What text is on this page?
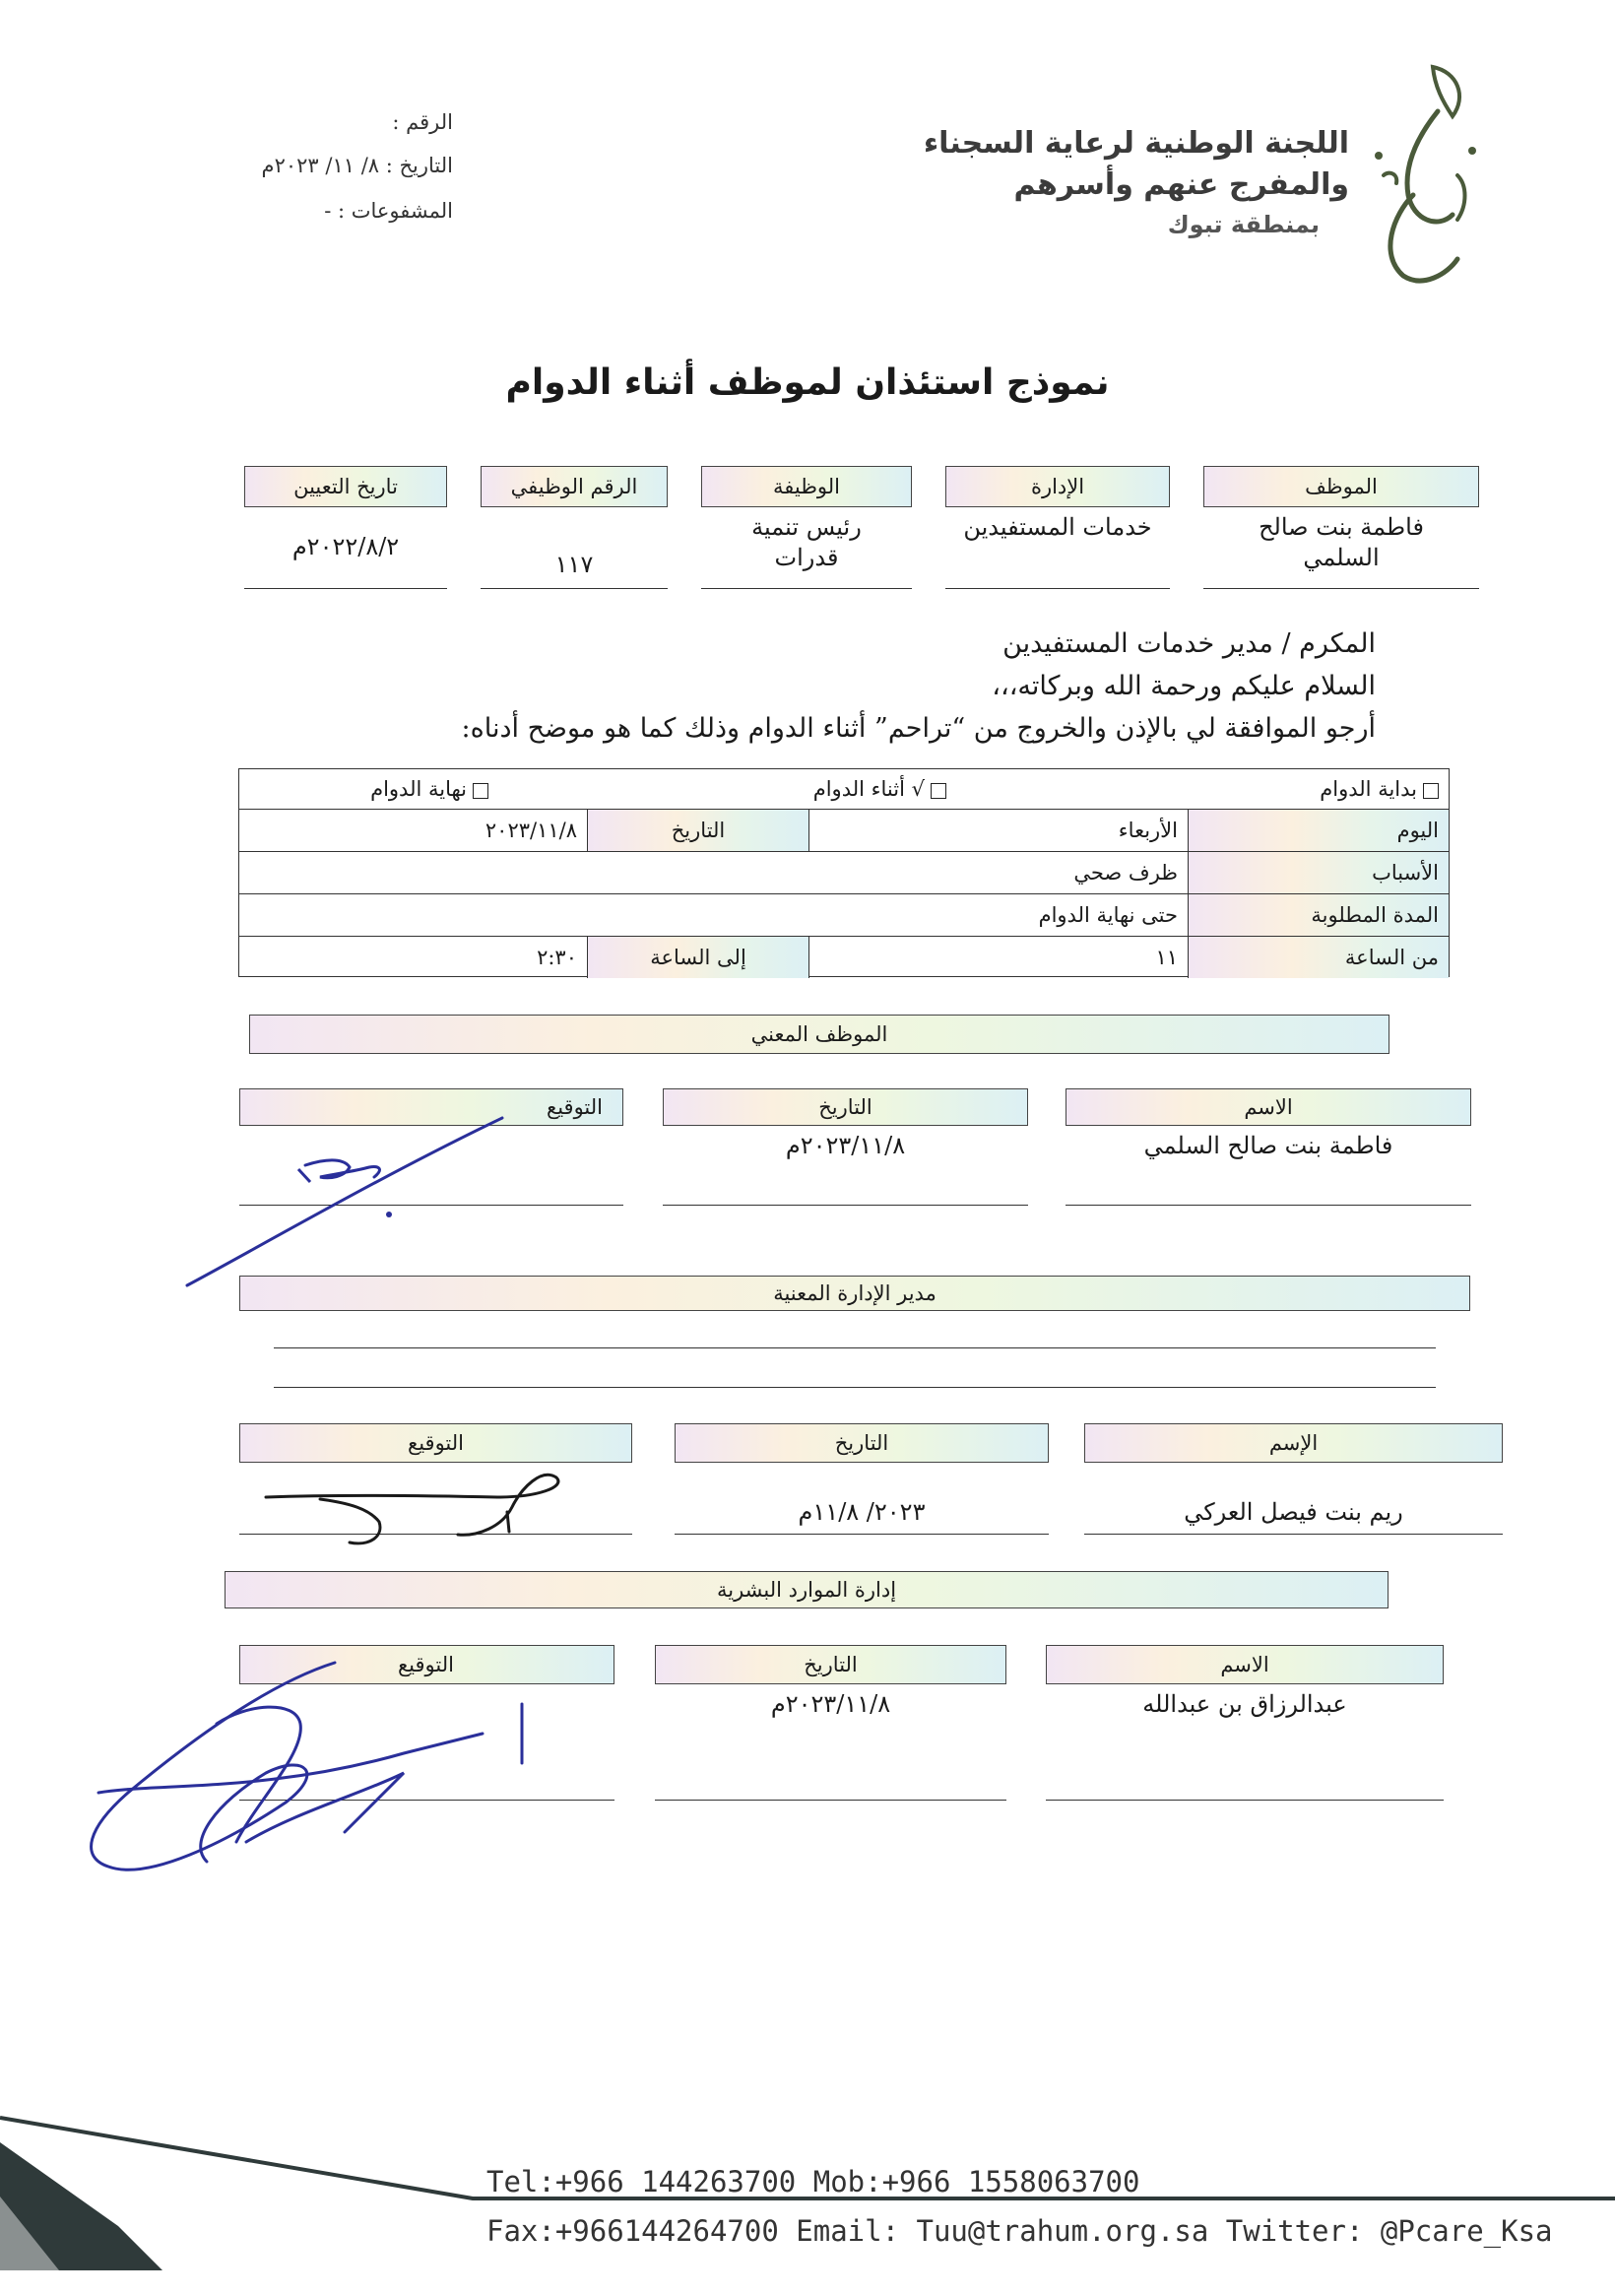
الرقم :
التاريخ : ٨/ ١١/ ٢٠٢٣م
المشفوعات : -
اللجنة الوطنية لرعاية السجناء
والمفرج عنهم وأسرهم
بمنطقة تبوك
نموذج استئذان لموظف أثناء الدوام
الموظف
الإدارة
الوظيفة
الرقم الوظيفي
تاريخ التعيين
فاطمة بنت صالح السلمي
خدمات المستفيدين
رئيس تنمية قدرات
١١٧
٢٠٢٢/٨/٢م
المكرم / مدير خدمات المستفيدين
السلام عليكم ورحمة الله وبركاته،،،
أرجو الموافقة لي بالإذن والخروج من “تراحم” أثناء الدوام وذلك كما هو موضح أدناه:
بداية الدوام
√ أثناء الدوام
نهاية الدوام
اليوم
الأربعاء
التاريخ
٢٠٢٣/١١/٨
الأسباب
ظرف صحي
المدة المطلوبة
حتى نهاية الدوام
من الساعة
١١
إلى الساعة
٢:٣٠
الموظف المعني
الاسم
التاريخ
التوقيع
فاطمة بنت صالح السلمي
٢٠٢٣/١١/٨م
مدير الإدارة المعنية
الإسم
التاريخ
التوقيع
ريم بنت فيصل العركي
٢٠٢٣/ ١١/٨م
إدارة الموارد البشرية
الاسم
التاريخ
التوقيع
عبدالرزاق بن عبدالله
٢٠٢٣/١١/٨م
Tel:+966 144263700 Mob:+966 1558063700
Fax:+966144264700 Email: Tuu@trahum.org.sa Twitter: @Pcare_Ksa
